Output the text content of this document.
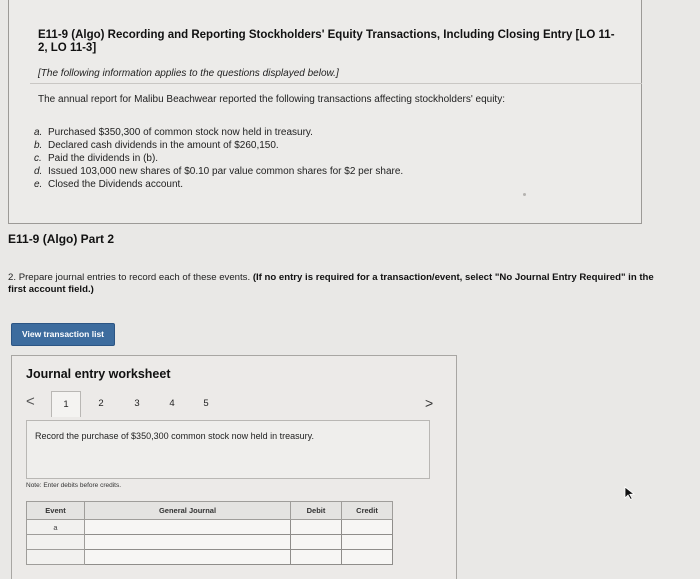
E11-9 (Algo) Recording and Reporting Stockholders' Equity Transactions, Including Closing Entry [LO 11-2, LO 11-3]
[The following information applies to the questions displayed below.]
The annual report for Malibu Beachwear reported the following transactions affecting stockholders' equity:
a. Purchased $350,300 of common stock now held in treasury.
b. Declared cash dividends in the amount of $260,150.
c. Paid the dividends in (b).
d. Issued 103,000 new shares of $0.10 par value common shares for $2 per share.
e. Closed the Dividends account.
E11-9 (Algo) Part 2
2. Prepare journal entries to record each of these events. (If no entry is required for a transaction/event, select "No Journal Entry Required" in the first account field.)
View transaction list
Journal entry worksheet
<	1	2	3	4	5	>
Record the purchase of $350,300 common stock now held in treasury.
Note: Enter debits before credits.
Event	General Journal	Debit	Credit
a			
